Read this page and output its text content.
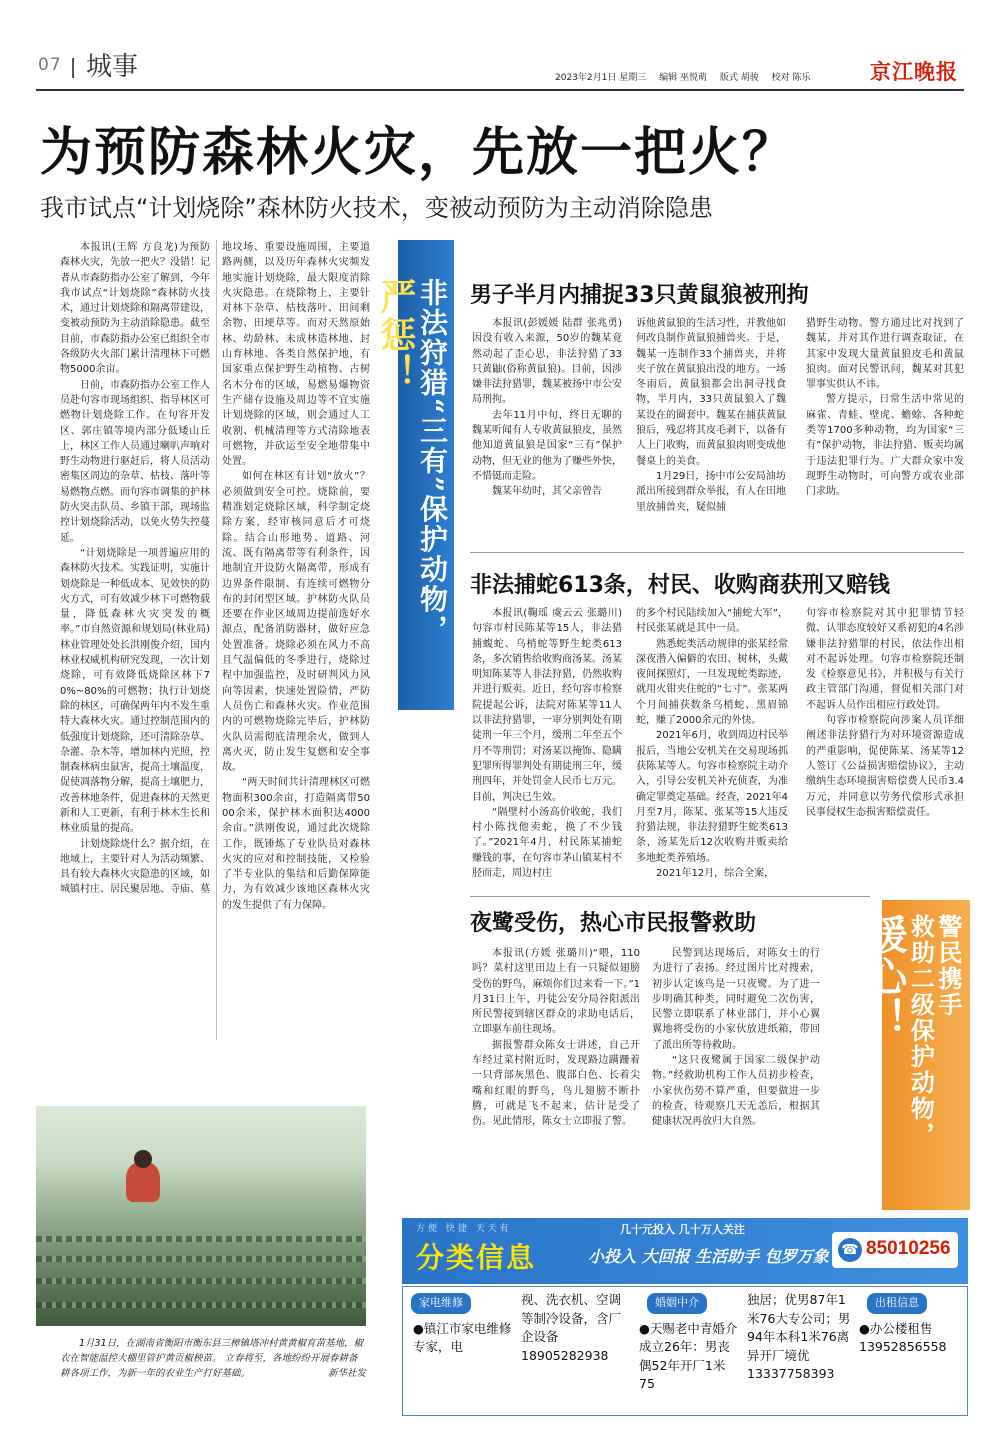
07 城事	2023年2月1日 星期三 编辑 巫悦萌 版式 胡骏 校对 陈乐	京江晚报
为预防森林火灾，先放一把火？
我市试点“计划烧除”森林防火技术，变被动预防为主动消除隐患

本报讯(王辉 方良龙)为预防森林火灾，先放一把火？没错！记者从市森防指办公室了解到，今年我市试点“计划烧除”森林防火技术，通过计划烧除和隔离带建设，变被动预防为主动消除隐患。截至目前，市森防指办公室已组织全市各级防火火部门累计清理林下可燃物5000余亩。

日前，市森防指办公室工作人员赴句容市现场组织、指导林区可燃物计划烧除工作。在句容开发区、郭庄镇等境内部分低矮山丘上，林区工作人员通过喇叭声响对野生动物进行驱赶后，将人员活动密集区周边的杂草、枯枝、落叶等易燃物点燃。而句容市调集的护林防火突击队员、乡镇干部，现场监控计划烧除活动，以免火势失控蔓延。

“计划烧除是一项普遍应用的森林防火技术。实践证明，实施计划烧除是一种低成本、见效快的防火方式，可有效减少林下可燃物载量，降低森林火灾突发的概率。”市自然资源和规划局(林业局)林业管理处处长洪刚俊介绍，国内林业权威机构研究发现，一次计划烧除，可有效降低烧除区林下70%~80%的可燃物；执行计划烧除的林区，可确保两年内不发生重特大森林火灾。通过控制范围内的低强度计划烧除，还可清除杂草、杂灌、杂木等，增加林内光照，控制森林病虫鼠害，提高土壤温度，促使凋落物分解，提高土壤肥力，改善林地条件，促进森林的天然更新和人工更新，有利于林木生长和林业质量的提高。

计划烧除烧什么？据介绍，在地域上，主要针对人为活动频繁、具有较大森林火灾隐患的区域，如城镇村庄、居民聚居地、寺庙、墓

地坟场、重要设施周围，主要道路两侧，以及历年森林火灾频发地实施计划烧除，最大限度消除火灾隐患。在烧除物上，主要针对林下杂草、枯枝落叶、田间剩余物、田埂草等。而对天然原始林、幼龄林、未成林造林地、封山育林地、各类自然保护地，有国家重点保护野生动植物、古树名木分布的区域，易燃易爆物资生产储存设施及周边等不宜实施计划烧除的区域，则会通过人工收割、机械清理等方式清除地表可燃物，并砍运至安全地带集中处置。

如何在林区有计划“放火”？必须做到安全可控。烧除前，要精准划定烧除区域，科学制定烧除方案，经审核同意后才可烧除。结合山形地势、道路、河流、既有隔离带等有利条件，因地制宜开设防火隔离带，形成有边界条件限制、有连续可燃物分布的封闭型区域。护林防火队员还要在作业区域周边提前选好水源点，配备消防器材，做好应急处置准备。烧除必须在风力不高且气温偏低的冬季进行，烧除过程中加强监控，及时研判风力风向等因素，快速处置险情，严防人员伤亡和森林火灾。作业范围内的可燃物烧除完毕后，护林防火队员需彻底清理余火，做到人离火灭，防止发生复燃和安全事故。

“两天时间共计清理林区可燃物面积300余亩，打造隔离带5000余米，保护林木面积达4000余亩。”洪刚俊说，通过此次烧除工作，既锤炼了专业队员对森林火灾的应对和控制技能，又检验了半专业队的集结和后勤保障能力，为有效减少该地区森林火灾的发生提供了有力保障。

非法狩猎“三有”保护动物，
严惩！	男子半月内捕捉33只黄鼠狼被刑拘

本报讯(彭媛媛 陆群 张兆勇)因没有收入来源，50岁的魏某竟然动起了歪心思，非法狩猎了33只黄鼬(俗称黄鼠狼)。目前，因涉嫌非法狩猎罪，魏某被扬中市公安局刑拘。

去年11月中旬，终日无聊的魏某听闻有人专收黄鼠狼皮，虽然他知道黄鼠狼是国家“三有”保护动物，但无业的他为了赚些外快，不惜铤而走险。

魏某年幼时，其父亲曾告

诉他黄鼠狼的生活习性，并教他如何改良制作黄鼠狼捕兽夹。于是，魏某一连制作33个捕兽夹，并将夹子放在黄鼠狼出没的地方。一场冬雨后，黄鼠狼都会出洞寻找食物，半月内，33只黄鼠狼入了魏某设在的圈套中。魏某在捕获黄鼠狼后，残忍将其皮毛剥下，以备有人上门收购，而黄鼠狼肉则变成他餐桌上的美食。

1月29日，扬中市公安局油坊派出所接到群众举报，有人在田地里放捕兽夹，疑似捕

猎野生动物。警方通过比对找到了魏某，并对其作进行调查取证，在其家中发现大量黄鼠狼皮毛和黄鼠狼肉。面对民警讯问，魏某对其犯罪事实供认不讳。

警方提示，日常生活中常见的麻雀、青蛙、壁虎、蟾蜍、各种蛇类等1700多种动物，均为国家“三有”保护动物，非法狩猎、贩卖均属于违法犯罪行为。广大群众家中发现野生动物时，可向警方或农业部门求助。

非法捕蛇613条，村民、收购商获刑又赔钱

本报讯(鞠瑶 虞云云 张璐川)句容市村民陈某等15人，非法猎捕蝮蛇、乌梢蛇等野生蛇类613条，多次销售给收购商汤某。汤某明知陈某等人非法狩猎，仍然收购并进行贩卖。近日，经句容市检察院提起公诉，法院对陈某等11人以非法狩猎罪，一审分别判处有期徒刑一年三个月，缓刑二年至五个月不等刑罚；对汤某以掩饰、隐瞒犯罪所得罪判处有期徒刑三年，缓刑四年，并处罚金人民币七万元。目前，判决已生效。

“隔壁村小汤高价收蛇，我们村小陈找他卖蛇，换了不少钱了。”2021年4月，村民陈某捕蛇赚钱的事，在句容市茅山镇某村不胫而走，周边村庄

的多个村民陆续加入“捕蛇大军”，村民张某就是其中一员。

熟悉蛇类活动规律的张某经常深夜潜入偏僻的农田、树林，头戴夜间探照灯，一旦发现蛇类踪迹，就用火钳夹住蛇的“七寸”。张某两个月间捕获数条乌梢蛇、黑眉锦蛇，赚了2000余元的外快。

2021年6月，收到周边村民举报后，当地公安机关在交易现场抓获陈某等人。句容市检察院主动介入，引导公安机关补充侦查，为准确定罪奠定基础。经查，2021年4月至7月，陈某、张某等15人违反狩猎法规，非法狩猎野生蛇类613条，汤某先后12次收购并贩卖给多地蛇类养殖场。

2021年12月，综合全案，

句容市检察院对其中犯罪情节轻微、认罪态度较好又系初犯的4名涉嫌非法狩猎罪的村民，依法作出相对不起诉处理。句容市检察院还制发《检察意见书》，并积极与有关行政主管部门沟通，督促相关部门对不起诉人员作出相应行政处罚。

句容市检察院向涉案人员详细阐述非法狩猎行为对环境资源造成的严重影响，促使陈某、汤某等12人签订《公益损害赔偿协议》，主动缴纳生态环境损害赔偿费人民币3.4万元，并同意以劳务代偿形式承担民事侵权生态损害赔偿责任。

夜鹭受伤，热心市民报警救助

本报讯(方媛 张璐川)“喂，110吗？菜村这里田边上有一只疑似翅膀受伤的野鸟，麻烦你们过来看一下。”1月31日上午，丹徒公安分局谷阳派出所民警接到辖区群众的求助电话后，立即驱车前往现场。

据报警群众陈女士讲述，自己开车经过菜村附近时，发现路边蹒跚着一只背部灰黑色、腹部白色、长着尖嘴和红眼的野鸟，鸟儿翅膀不断扑腾，可就是飞不起来，估计是受了伤。见此情形，陈女士立即报了警。

民警到达现场后，对陈女士的行为进行了表扬。经过图片比对搜索，初步认定该鸟是一只夜鹭。为了进一步明确其种类，同时避免二次伤害，民警立即联系了林业部门，并小心翼翼地将受伤的小家伙放进纸箱，带回了派出所等待救助。

“这只夜鹭属于国家二级保护动物。”经救助机构工作人员初步检查，小家伙伤势不算严重，但要做进一步的检查，待观察几天无恙后，根据其健康状况再放归大自然。

警民携手
救助二级保护动物，
暖心！
1月31日，在湖南省衡阳市衡东县三樟镇塔冲村黄黄椒育苗基地，椒农在智能温控大棚里管护黄贡椒秧苗。 立春将至，各地纷纷开展春耕备耕各项工作，为新一年的农业生产打好基础。	新华社发
方便 快捷 天天有	几十元投入 几十万人关注
分类信息	小投入 大回报 生活助手 包罗万象 ☎ 85010256
家电维修

●镇江市家电维修专家，电
视、洗衣机、空调等制冷设备，含厂企设备
18905282938
婚姻中介
●天赐老中青婚介成立26年：男丧偶52年开厂1米75
独居；优男87年1米76大专公司；男94年本科1米76离异开厂境优
13337758393
出租信息
●办公楼租售
13952856558
